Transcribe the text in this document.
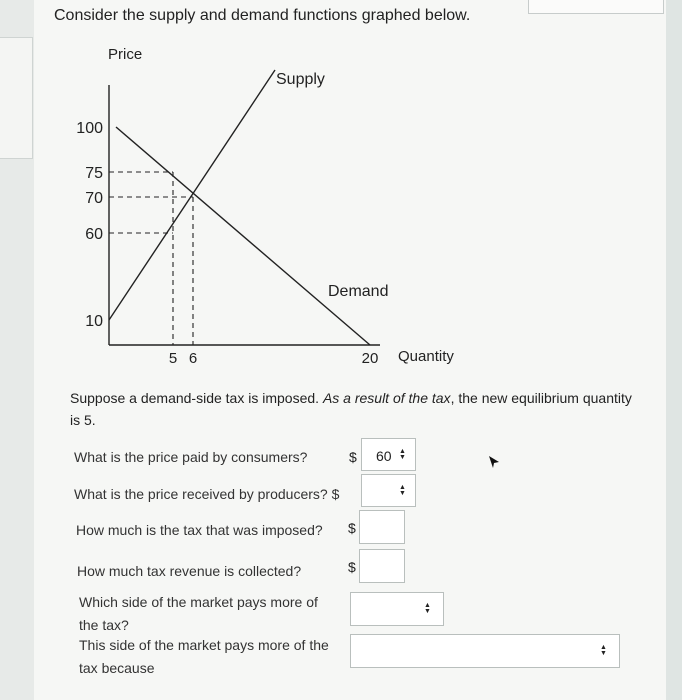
Consider the supply and demand functions graphed below.
Price
Quantity
100
75
70
60
10
5 6	20
Supply
Demand
Suppose a demand-side tax is imposed. As a result of the tax, the new equilibrium quantity is 5.
What is the price paid by consumers?	$ 60 ▲
▼
What is the price received by producers? $	▲
▼
How much is the tax that was imposed? $
How much tax revenue is collected?	$
Which side of the market pays more of
the tax?
▲
▼
This side of the market pays more of the
tax because
▲
▼
